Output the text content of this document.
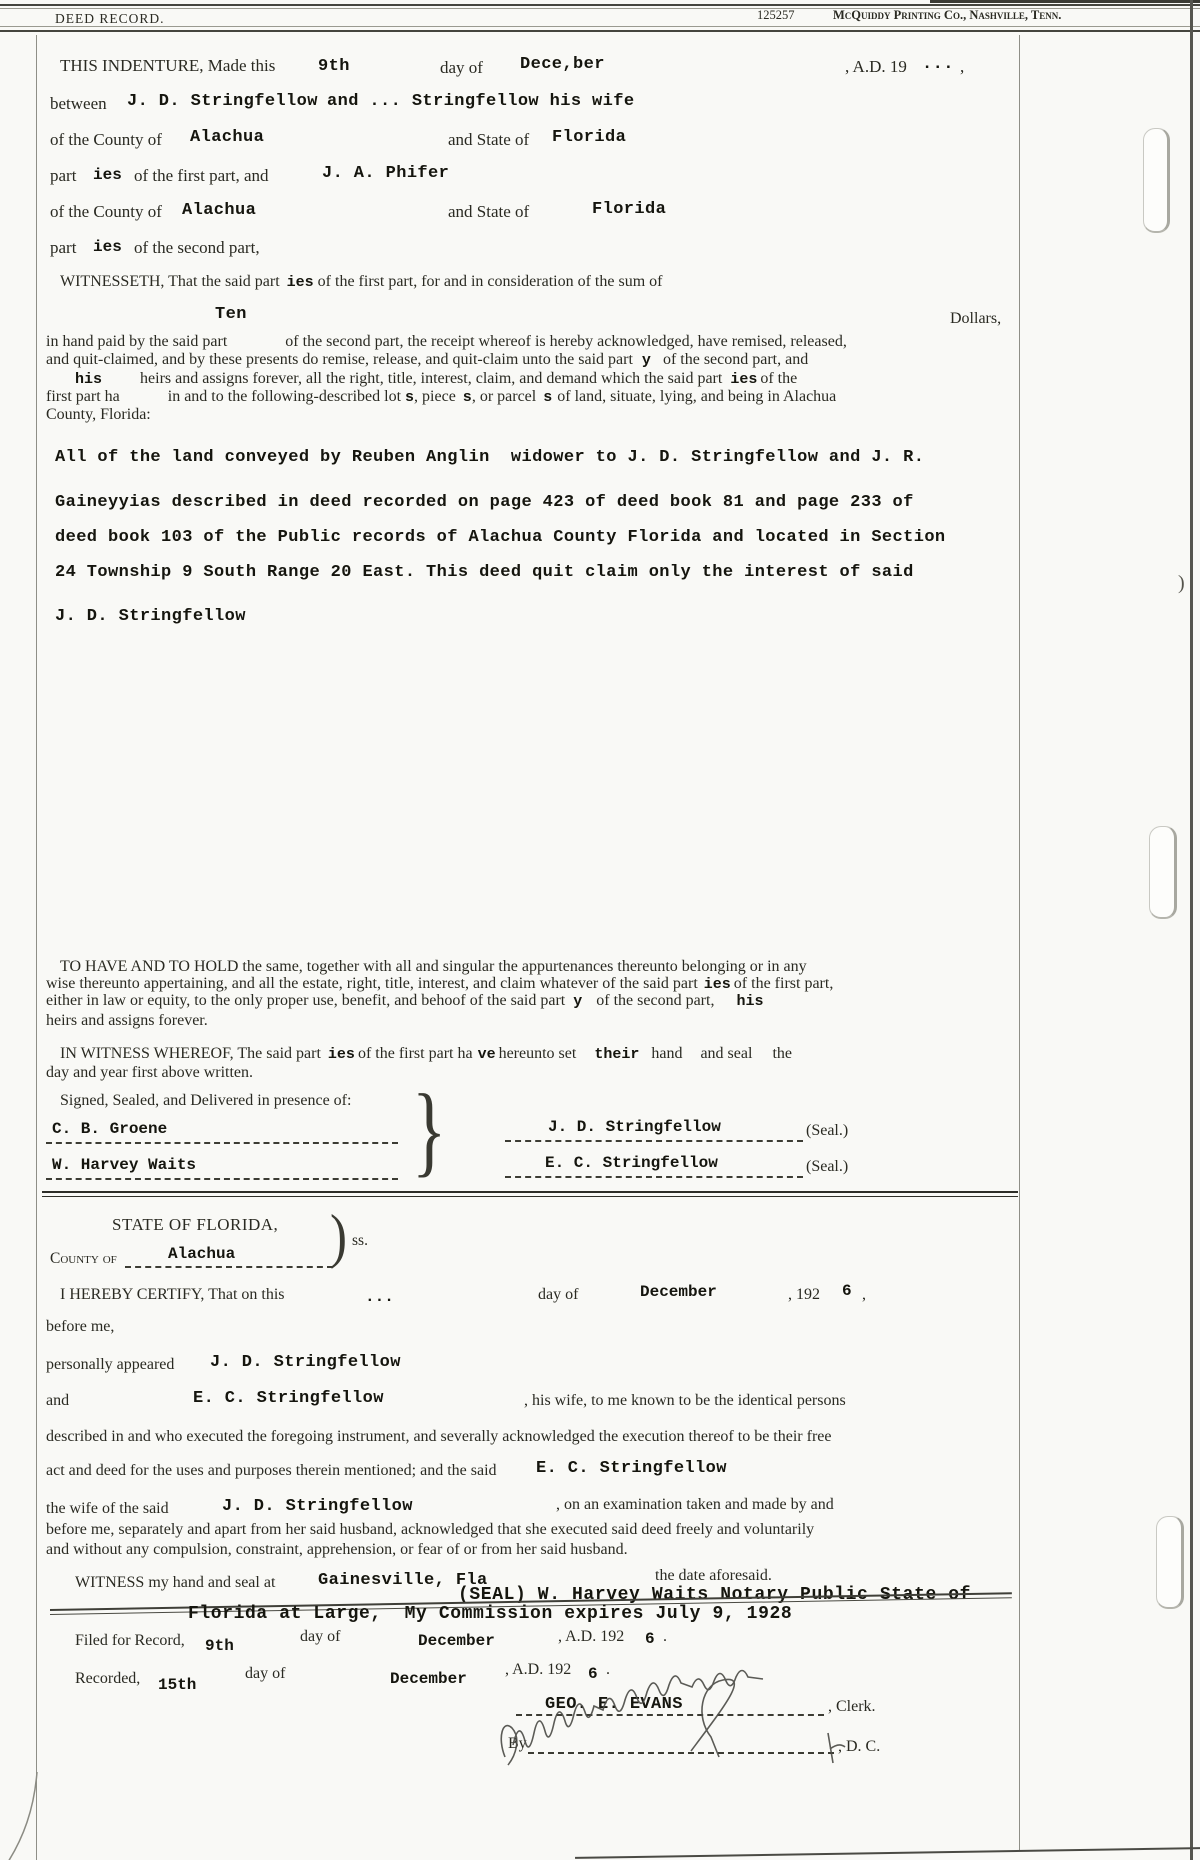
DEED RECORD.	125257	McQuiddy Printing Co., Nashville, Tenn.
)
THIS INDENTURE, Made this	9th	day of Dece,ber	, A.D. 19 ... ,
between J. D. Stringfellow and ... Stringfellow his wife
of the County of Alachua	and State of Florida
part ies of the first part, and	J. A. Phifer
of the County of Alachua	and State of	Florida
part ies of the second part,
WITNESSETH, That the said part ies of the first part, for and in consideration of the sum of
Ten	Dollars,
in hand paid by the said part	of the second part, the receipt whereof is hereby acknowledged, have remised, released,
and quit-claimed, and by these presents do remise, release, and quit-claim unto the said part y of the second part, and
his heirs and assigns forever, all the right, title, interest, claim, and demand which the said part ies of the
first part ha	in and to the following-described lot s, piece s, or parcel s of land, situate, lying, and being in Alachua
County, Florida:
All of the land conveyed by Reuben Anglin  widower to J. D. Stringfellow and J. R.
Gaineyyias described in deed recorded on page 423 of deed book 81 and page 233 of
deed book 103 of the Public records of Alachua County Florida and located in Section
24 Township 9 South Range 20 East. This deed quit claim only the interest of said
J. D. Stringfellow
TO HAVE AND TO HOLD the same, together with all and singular the appurtenances thereunto belonging or in any
wise thereunto appertaining, and all the estate, right, title, interest, and claim whatever of the said part ies of the first part,
either in law or equity, to the only proper use, benefit, and behoof of the said part y of the second part, his
heirs and assigns forever.
IN WITNESS WHEREOF, The said part ies of the first part ha ve hereunto set their hand and seal the
day and year first above written.
Signed, Sealed, and Delivered in presence of: }
C. B. Groene	J. D. Stringfellow	(Seal.)
W. Harvey Waits	E. C. Stringfellow	(Seal.)
STATE OF FLORIDA, ) ss.
County of	Alachua
I HEREBY CERTIFY, That on this	...	day of	December	, 192 6 ,
before me,
personally appeared J. D. Stringfellow
and	E. C. Stringfellow	, his wife, to me known to be the identical persons
described in and who executed the foregoing instrument, and severally acknowledged the execution thereof to be their free
act and deed for the uses and purposes therein mentioned; and the said E. C. Stringfellow
the wife of the said	J. D. Stringfellow	, on an examination taken and made by and
before me, separately and apart from her said husband, acknowledged that she executed said deed freely and voluntarily
and without any compulsion, constraint, apprehension, or fear of or from her said husband.
WITNESS my hand and seal at	Gainesville, Fla	the date aforesaid.
(SEAL) W. Harvey Waits Notary Public State of
Florida at Large,  My Commission expires July 9, 1928
Filed for Record, 9th
day of	December	, A.D. 192 6 .
Recorded, 15th
day of	December
, A.D. 192 6 .
GEO. E. EVANS	, Clerk.
By	, D. C.
